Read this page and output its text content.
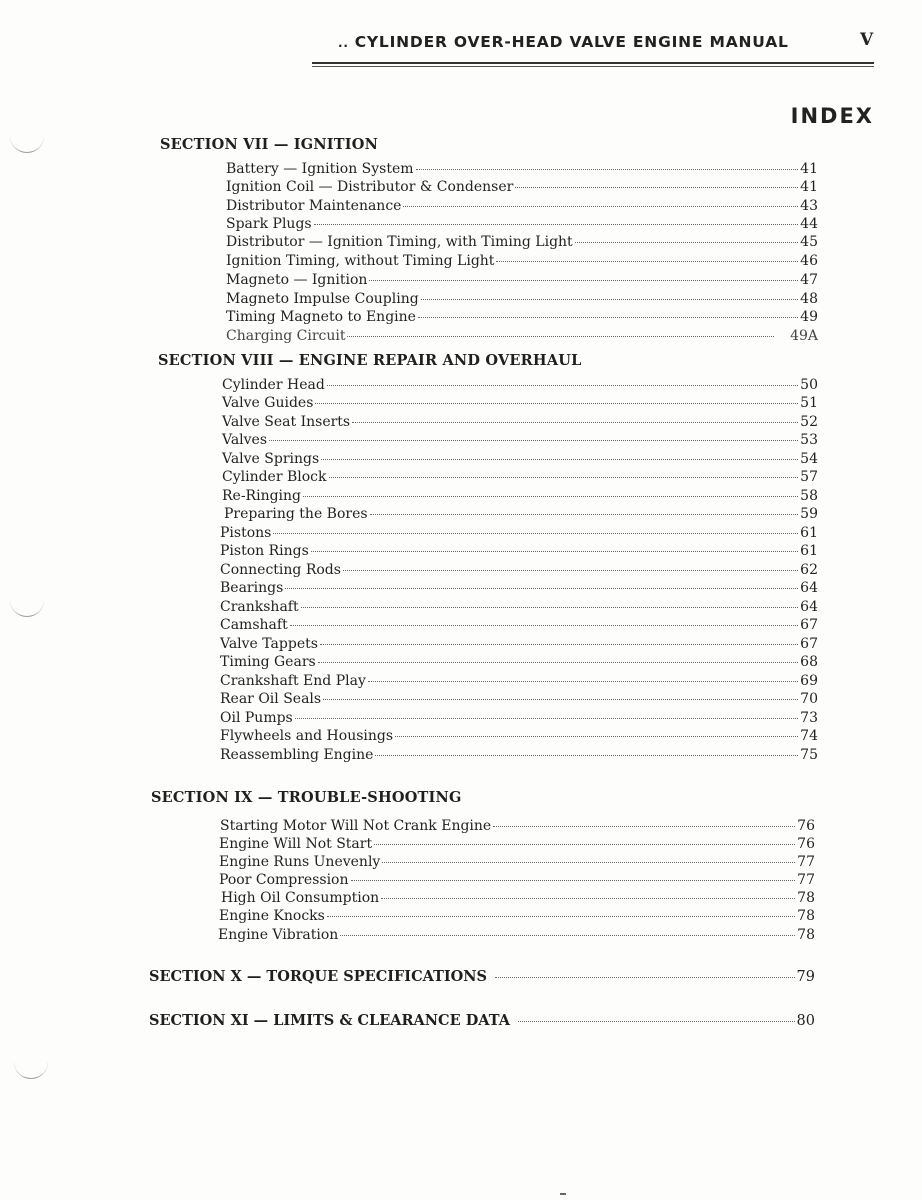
.. CYLINDER OVER-HEAD VALVE ENGINE MANUAL	V
INDEX
SECTION VII — IGNITION
Battery — Ignition System	41
Ignition Coil — Distributor & Condenser	41
Distributor Maintenance	43
Spark Plugs	44
Distributor — Ignition Timing, with Timing Light	45
Ignition Timing, without Timing Light	46
Magneto — Ignition	47
Magneto Impulse Coupling	48
Timing Magneto to Engine	49
Charging Circuit	49A
SECTION VIII — ENGINE REPAIR AND OVERHAUL
Cylinder Head	50
Valve Guides	51
Valve Seat Inserts	52
Valves	53
Valve Springs	54
Cylinder Block	57
Re-Ringing	58
Preparing the Bores	59
Pistons	61
Piston Rings	61
Connecting Rods	62
Bearings	64
Crankshaft	64
Camshaft	67
Valve Tappets	67
Timing Gears	68
Crankshaft End Play	69
Rear Oil Seals	70
Oil Pumps	73
Flywheels and Housings	74
Reassembling Engine	75
SECTION IX — TROUBLE-SHOOTING
Starting Motor Will Not Crank Engine	76
Engine Will Not Start	76
Engine Runs Unevenly	77
Poor Compression	77
High Oil Consumption	78
Engine Knocks	78
Engine Vibration	78
SECTION X — TORQUE SPECIFICATIONS	79
SECTION XI — LIMITS & CLEARANCE DATA	80
